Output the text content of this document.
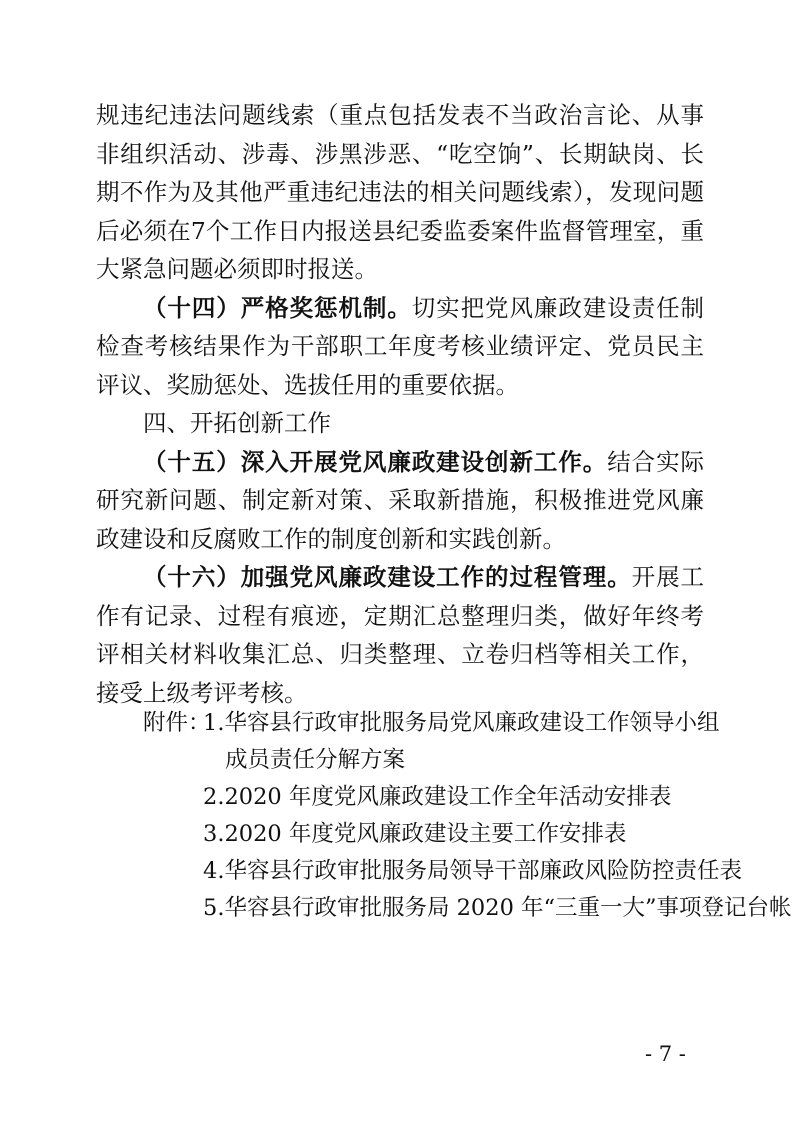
规违纪违法问题线索（重点包括发表不当政治言论、从事非组织活动、涉毒、涉黑涉恶、“吃空饷”、长期缺岗、长期不作为及其他严重违纪违法的相关问题线索），发现问题后必须在7个工作日内报送县纪委监委案件监督管理室，重大紧急问题必须即时报送。

（十四）严格奖惩机制。切实把党风廉政建设责任制检查考核结果作为干部职工年度考核业绩评定、党员民主评议、奖励惩处、选拔任用的重要依据。

四、开拓创新工作

（十五）深入开展党风廉政建设创新工作。结合实际研究新问题、制定新对策、采取新措施，积极推进党风廉政建设和反腐败工作的制度创新和实践创新。

（十六）加强党风廉政建设工作的过程管理。开展工作有记录、过程有痕迹，定期汇总整理归类，做好年终考评相关材料收集汇总、归类整理、立卷归档等相关工作，接受上级考评考核。

附件：
1.华容县行政审批服务局党风廉政建设工作领导小组
成员责任分解方案
2.2020 年度党风廉政建设工作全年活动安排表
3.2020 年度党风廉政建设主要工作安排表
4.华容县行政审批服务局领导干部廉政风险防控责任表
5.华容县行政审批服务局 2020 年“三重一大”事项登记台帐
- 7 -
